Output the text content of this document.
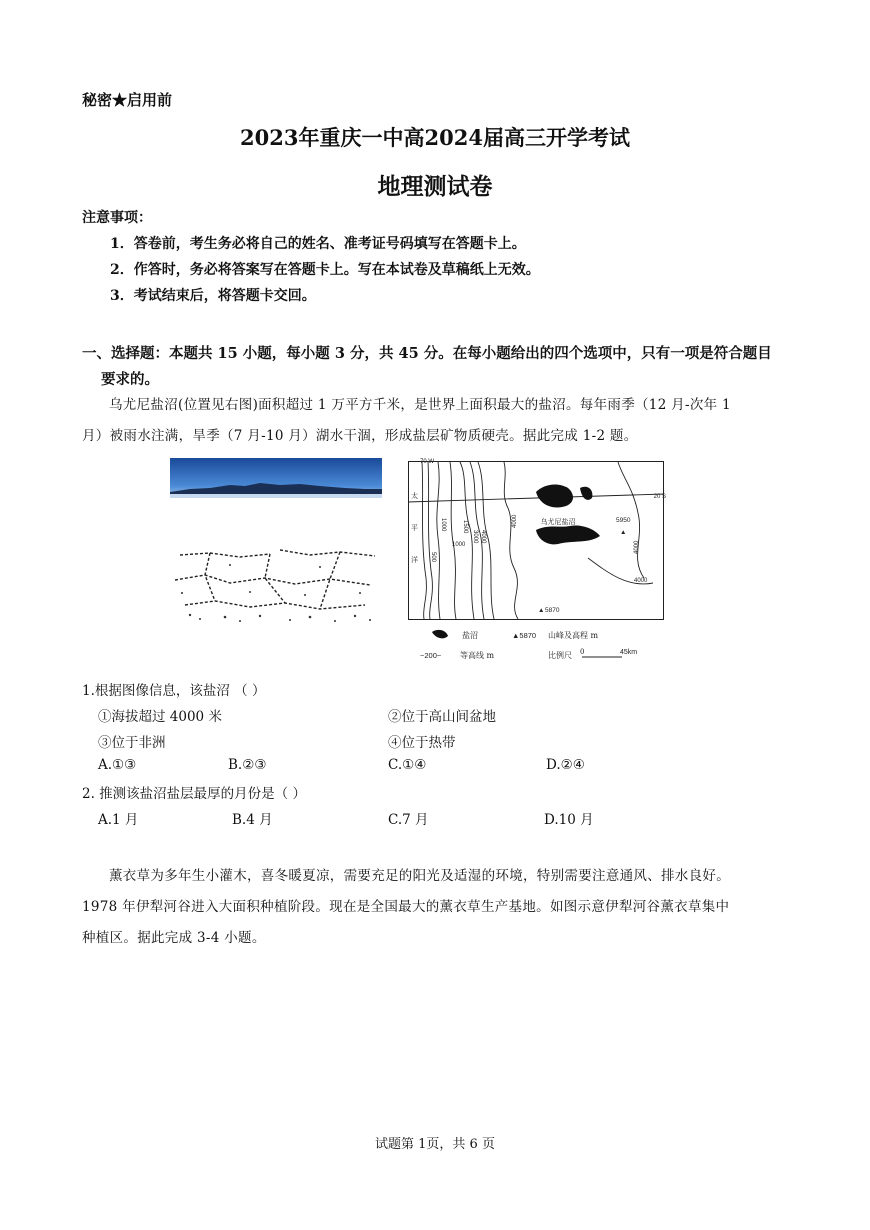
秘密★启用前
2023年重庆一中高2024届高三开学考试
地理测试卷
注意事项：
1．答卷前，考生务必将自己的姓名、准考证号码填写在答题卡上。
2．作答时，务必将答案写在答题卡上。写在本试卷及草稿纸上无效。
3．考试结束后，将答题卡交回。
一、选择题：本题共 15 小题，每小题 3 分，共 45 分。在每小题给出的四个选项中，只有一项是符合题目
要求的。
乌尤尼盐沼(位置见右图)面积超过 1 万平方千米，是世界上面积最大的盐沼。每年雨季（12 月-次年 1
月）被雨水注满，旱季（7 月-10 月）湖水干涸，形成盐层矿物质硬壳。据此完成 1-2 题。
70 W
20 S
乌尤尼盐沼
太
平
洋
1000	1500
3000 4000
500
1000
4000
4000
4000
▲
5950
▲ 5870
盐沼	▲5870 山峰及高程 m
~200~ 等高线 m	比例尺 0	45km
1.根据图像信息，该盐沼 （ ）
①海拔超过 4000 米	②位于高山间盆地
③位于非洲	④位于热带
A.①③	B.②③	C.①④	D.②④
2. 推测该盐沼盐层最厚的月份是（ ）
A.1 月	B.4 月	C.7 月	D.10 月
薰衣草为多年生小灌木，喜冬暖夏凉，需要充足的阳光及适湿的环境，特别需要注意通风、排水良好。
1978 年伊犁河谷进入大面积种植阶段。现在是全国最大的薰衣草生产基地。如图示意伊犁河谷薰衣草集中
种植区。据此完成 3-4 小题。
试题第 1页，共 6 页
